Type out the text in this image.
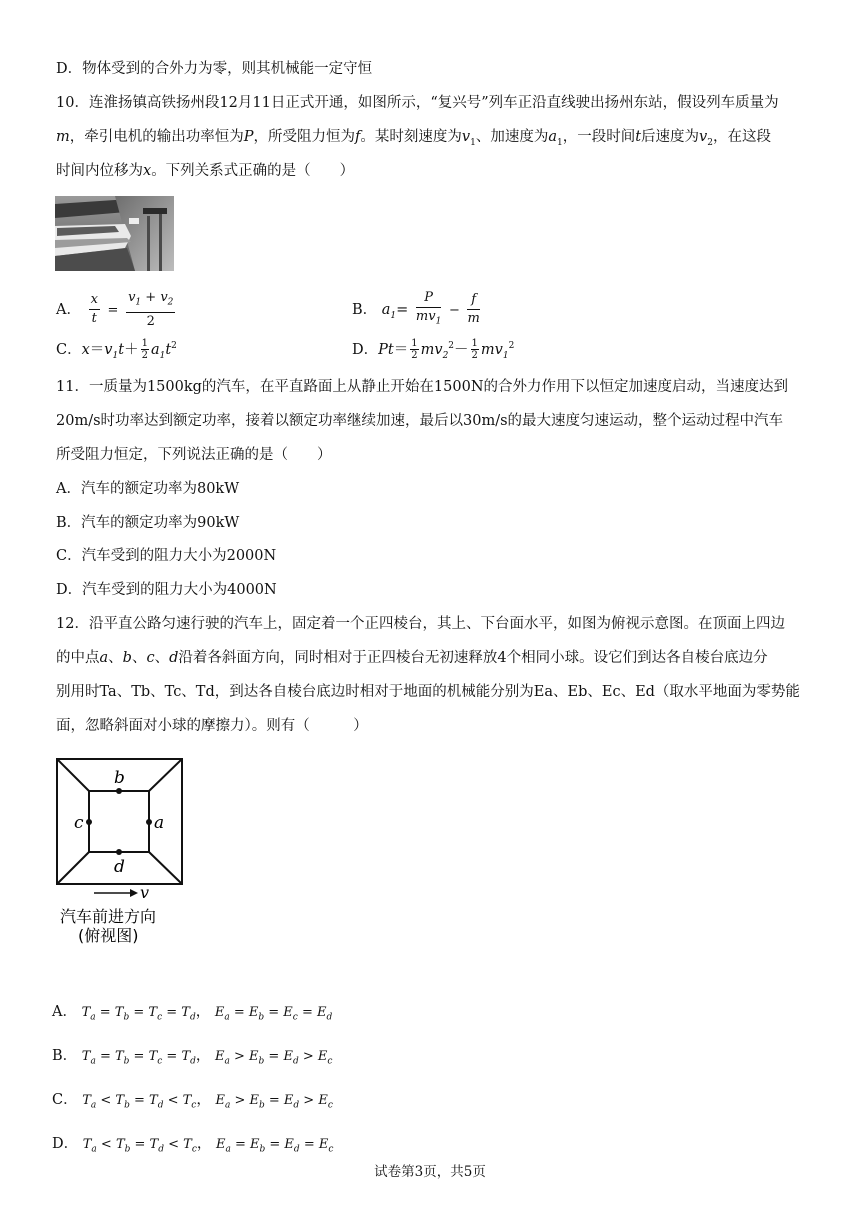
D．物体受到的合外力为零，则其机械能一定守恒
10．连淮扬镇高铁扬州段12月11日正式开通，如图所示，“复兴号”列车正沿直线驶出扬州东站，假设列车质量为
m，牵引电机的输出功率恒为P，所受阻力恒为f。某时刻速度为$v_1$、加速度为$a_1$，一段时间t后速度为$v_2$，在这段
时间内位移为x。下列关系式正确的是（　　）
A． $\frac{x}{t} = \frac{v_1 + v_2}{2}$	B． $a_1= \frac{P}{mv_1} - \frac{f}{m}$
C．$x=v_1t+ \frac{1}{2} a_1t^2$	D．$Pt= \frac{1}{2} mv_2^2- \frac{1}{2} mv_1^2$
11．一质量为1500kg的汽车，在平直路面上从静止开始在1500N的合外力作用下以恒定加速度启动，当速度达到
20m/s时功率达到额定功率，接着以额定功率继续加速，最后以30m/s的最大速度匀速运动，整个运动过程中汽车
所受阻力恒定，下列说法正确的是（　　）
A．汽车的额定功率为80kW
B．汽车的额定功率为90kW
C．汽车受到的阻力大小为2000N
D．汽车受到的阻力大小为4000N
12．沿平直公路匀速行驶的汽车上，固定着一个正四棱台，其上、下台面水平，如图为俯视示意图。在顶面上四边
的中点a、b、c、d沿着各斜面方向，同时相对于正四棱台无初速释放4个相同小球。设它们到达各自棱台底边分
别用时Ta、Tb、Tc、Td，到达各自棱台底边时相对于地面的机械能分别为Ea、Eb、Ec、Ed（取水平地面为零势能
面，忽略斜面对小球的摩擦力）。则有（　　　）
b
c	a
d
v
汽车前进方向
(俯视图)
A． $T_a = T_b = T_c = T_d$， $E_a = E_b = E_c = E_d$
B． $T_a = T_b = T_c = T_d$， $E_a > E_b = E_d > E_c$
C． $T_a < T_b = T_d < T_c$， $E_a > E_b = E_d > E_c$
D． $T_a < T_b = T_d < T_c$， $E_a = E_b = E_d = E_c$
试卷第3页，共5页
